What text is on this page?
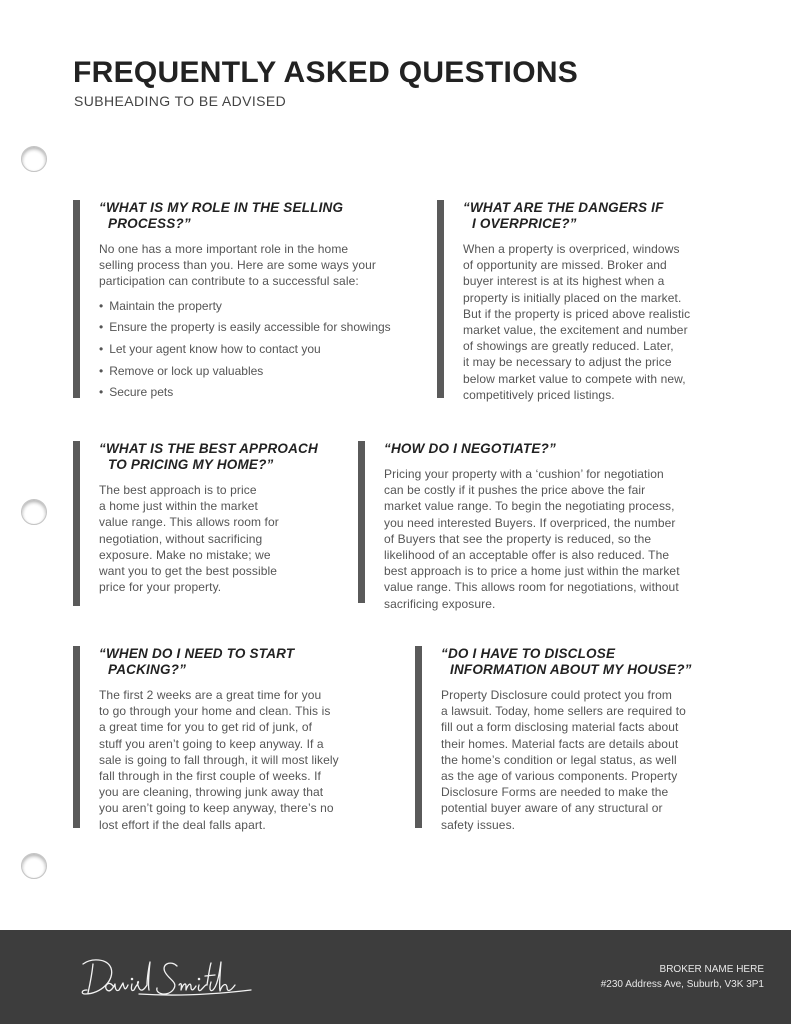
FREQUENTLY ASKED QUESTIONS
SUBHEADING TO BE ADVISED
“WHAT IS MY ROLE IN THE SELLING
PROCESS?”
No one has a more important role in the home
selling process than you. Here are some ways your
participation can contribute to a successful sale:
• Maintain the property
• Ensure the property is easily accessible for showings
• Let your agent know how to contact you
• Remove or lock up valuables
• Secure pets
“WHAT ARE THE DANGERS IF
I OVERPRICE?”
When a property is overpriced, windows
of opportunity are missed. Broker and
buyer interest is at its highest when a
property is initially placed on the market.
But if the property is priced above realistic
market value, the excitement and number
of showings are greatly reduced. Later,
it may be necessary to adjust the price
below market value to compete with new,
competitively priced listings.
“WHAT IS THE BEST APPROACH
TO PRICING MY HOME?”
The best approach is to price
a home just within the market
value range. This allows room for
negotiation, without sacrificing
exposure. Make no mistake; we
want you to get the best possible
price for your property.
“HOW DO I NEGOTIATE?”
Pricing your property with a ‘cushion’ for negotiation
can be costly if it pushes the price above the fair
market value range. To begin the negotiating process,
you need interested Buyers. If overpriced, the number
of Buyers that see the property is reduced, so the
likelihood of an acceptable offer is also reduced. The
best approach is to price a home just within the market
value range. This allows room for negotiations, without
sacrificing exposure.
“WHEN DO I NEED TO START
PACKING?”
The first 2 weeks are a great time for you
to go through your home and clean. This is
a great time for you to get rid of junk, of
stuff you aren’t going to keep anyway. If a
sale is going to fall through, it will most likely
fall through in the first couple of weeks. If
you are cleaning, throwing junk away that
you aren’t going to keep anyway, there’s no
lost effort if the deal falls apart.
“DO I HAVE TO DISCLOSE
INFORMATION ABOUT MY HOUSE?”
Property Disclosure could protect you from
a lawsuit. Today, home sellers are required to
fill out a form disclosing material facts about
their homes. Material facts are details about
the home’s condition or legal status, as well
as the age of various components. Property
Disclosure Forms are needed to make the
potential buyer aware of any structural or
safety issues.
BROKER NAME HERE
#230 Address Ave, Suburb, V3K 3P1
